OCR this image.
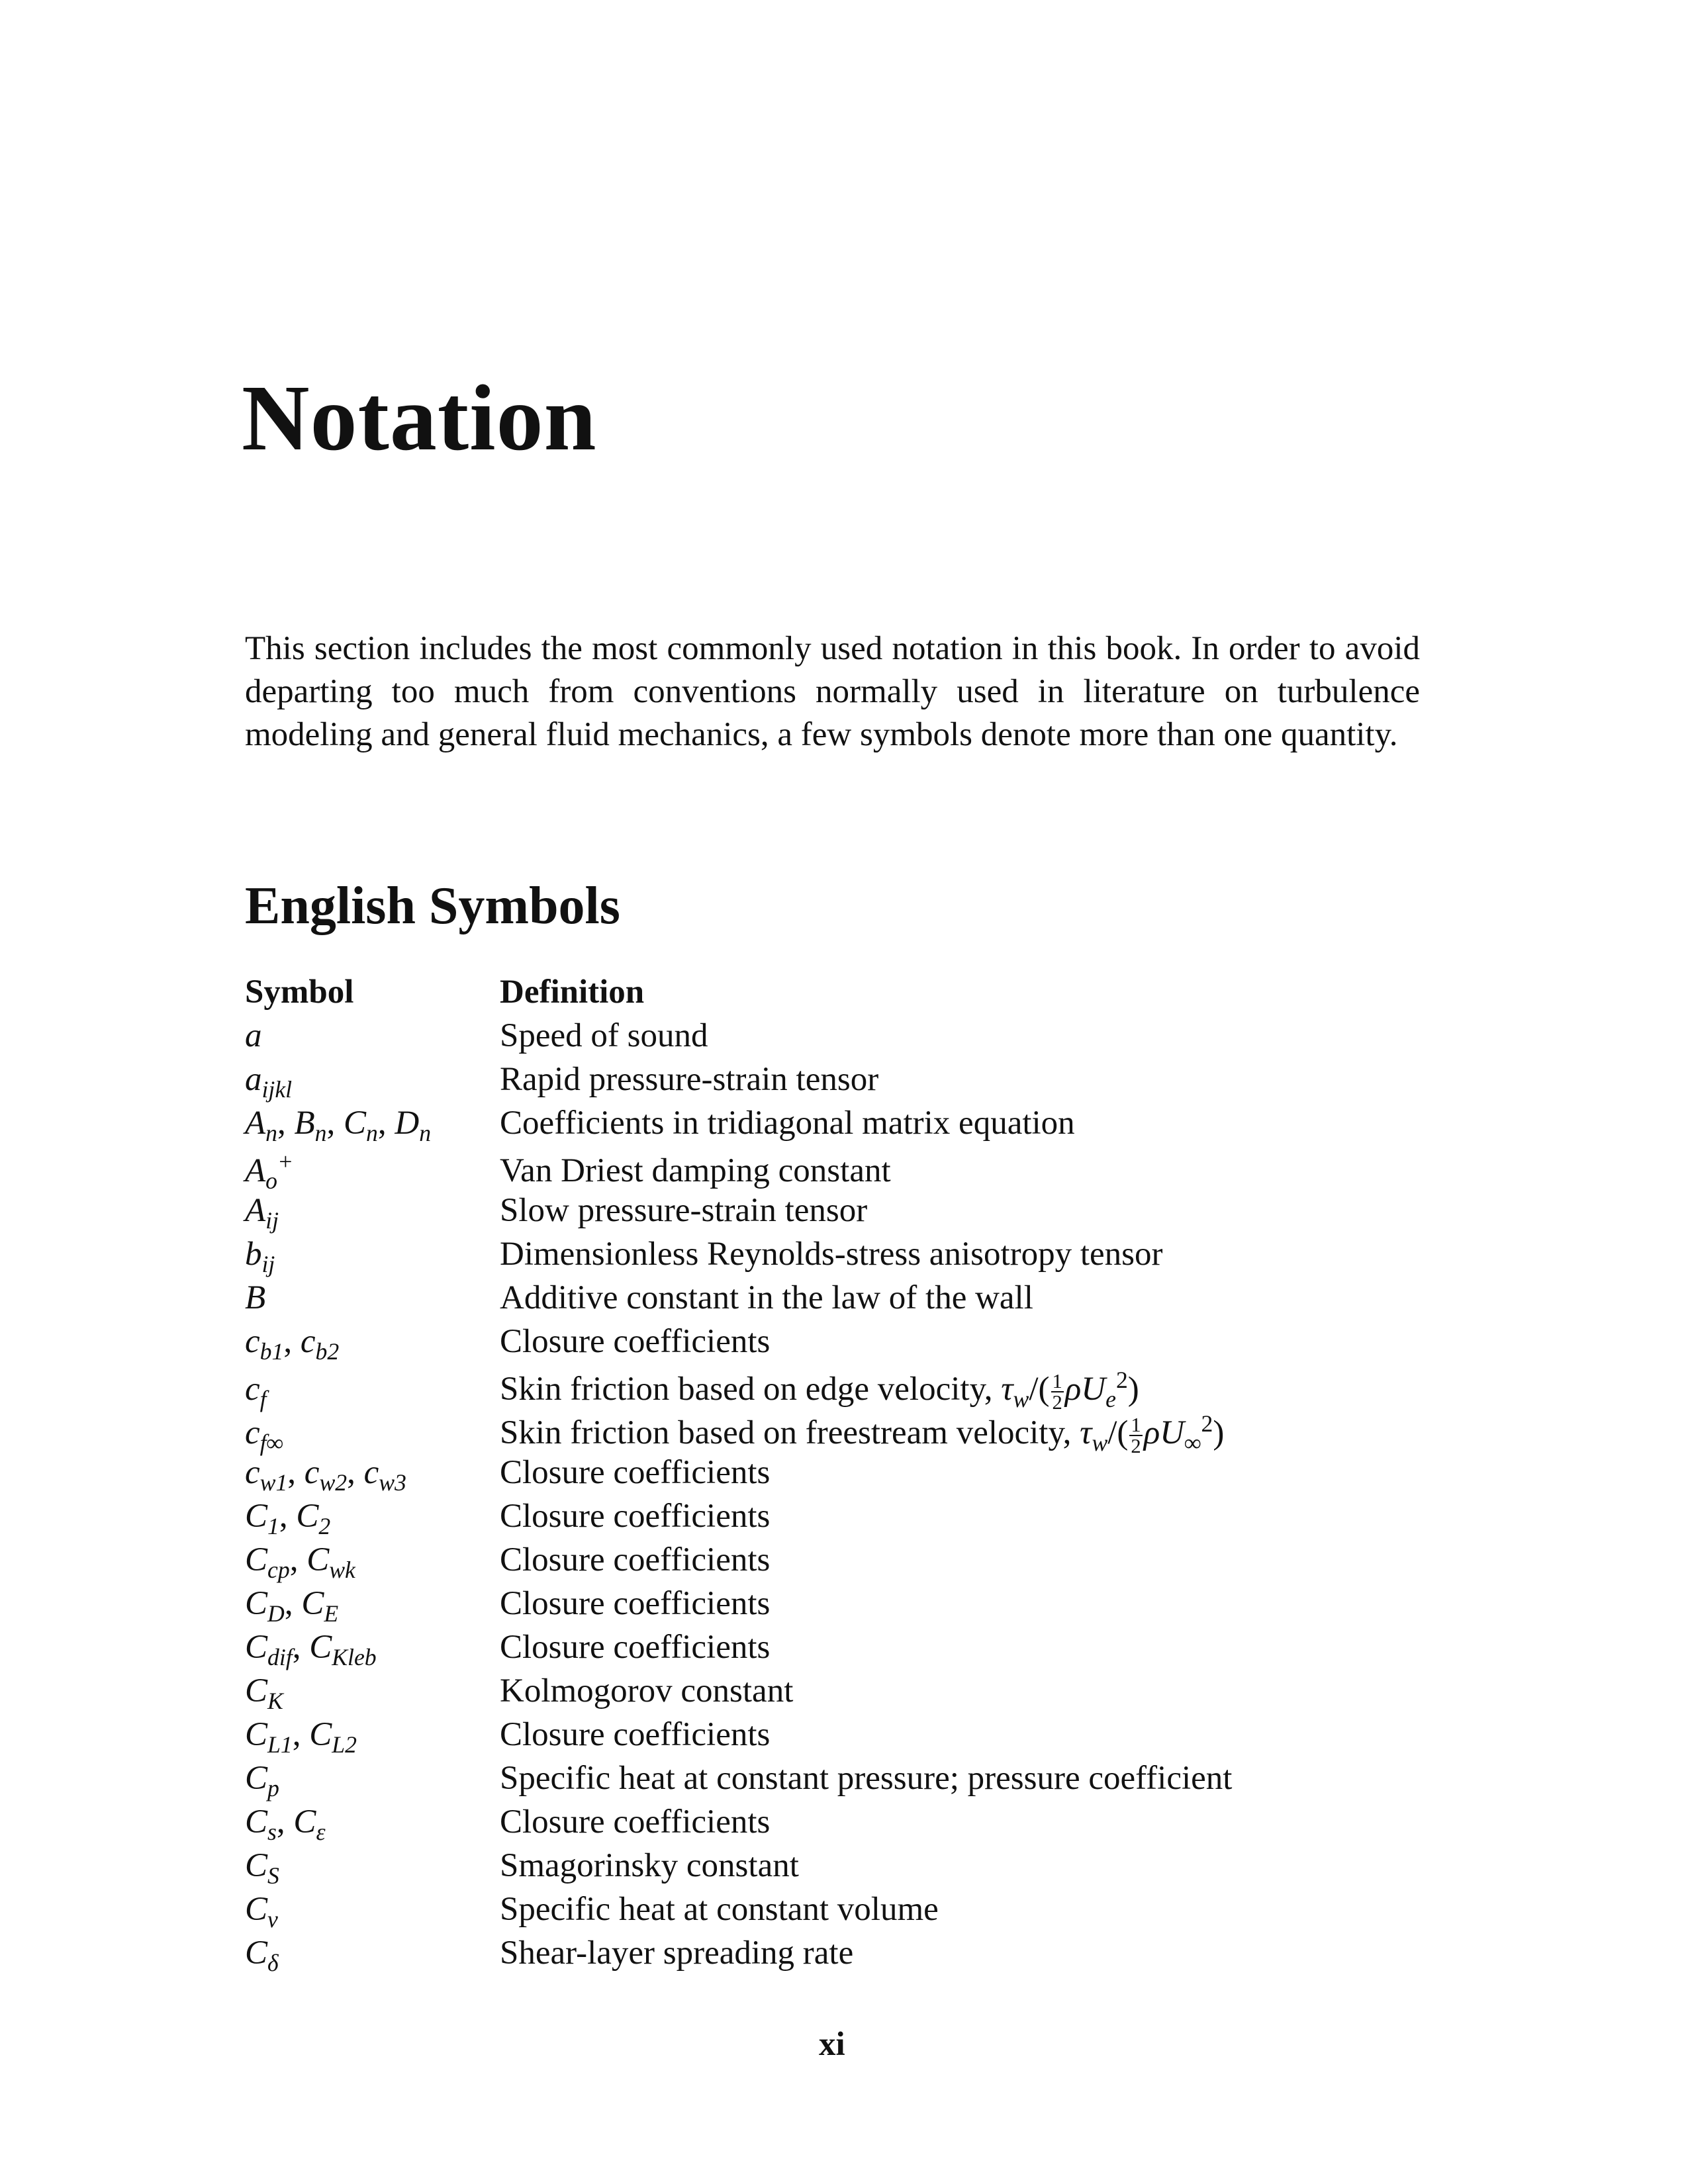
Notation

This section includes the most commonly used notation in this book. In order to avoid departing too much from conventions normally used in literature on turbulence modeling and general fluid mechanics, a few symbols denote more than one quantity.

English Symbols
Symbol	Definition
a	Speed of sound
$a_{ijkl}$	Rapid pressure-strain tensor
$A_n$, $B_n$, $C_n$, $D_n$	Coefficients in tridiagonal matrix equation
$A_o^+$	Van Driest damping constant
$A_{ij}$	Slow pressure-strain tensor
$b_{ij}$	Dimensionless Reynolds-stress anisotropy tensor
B	Additive constant in the law of the wall
$c_{b1}$, $c_{b2}$	Closure coefficients
$c_f$	Skin friction based on edge velocity, $\tau_w/( \frac{1}{2} \rho U_e^2)$
$c_{f\infty}$	Skin friction based on freestream velocity, $\tau_w/( \frac{1}{2} \rho U_\infty^2)$
$c_{w1}$, $c_{w2}$, $c_{w3}$	Closure coefficients
$C_1$, $C_2$	Closure coefficients
$C_{cp}$, $C_{wk}$	Closure coefficients
$C_D$, $C_E$	Closure coefficients
$C_{dif}$, $C_{Kleb}$	Closure coefficients
$C_K$	Kolmogorov constant
$C_{L1}$, $C_{L2}$	Closure coefficients
$C_p$	Specific heat at constant pressure; pressure coefficient
$C_s$, $C_\varepsilon$	Closure coefficients
$C_S$	Smagorinsky constant
$C_v$	Specific heat at constant volume
$C_\delta$	Shear-layer spreading rate
xi
